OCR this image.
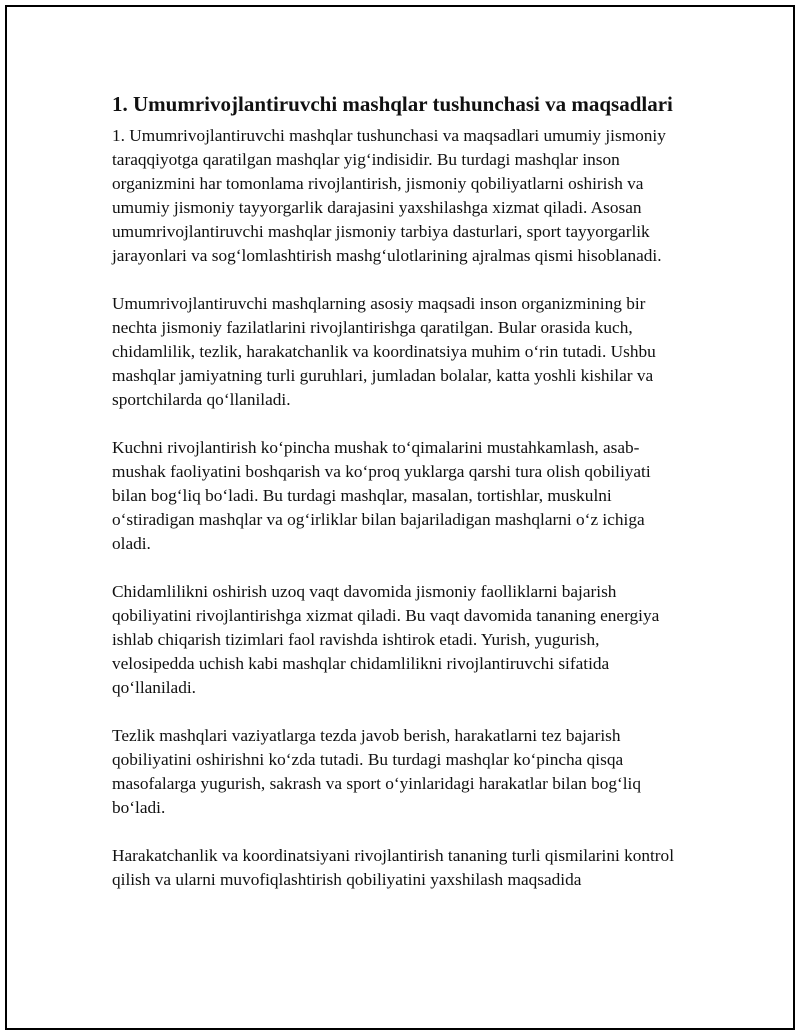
1. Umumrivojlantiruvchi mashqlar tushunchasi va maqsadlari

1. Umumrivojlantiruvchi mashqlar tushunchasi va maqsadlari umumiy jismoniy taraqqiyotga qaratilgan mashqlar yig‘indisidir. Bu turdagi mashqlar inson organizmini har tomonlama rivojlantirish, jismoniy qobiliyatlarni oshirish va umumiy jismoniy tayyorgarlik darajasini yaxshilashga xizmat qiladi. Asosan umumrivojlantiruvchi mashqlar jismoniy tarbiya dasturlari, sport tayyorgarlik jarayonlari va sog‘lomlashtirish mashg‘ulotlarining ajralmas qismi hisoblanadi.

Umumrivojlantiruvchi mashqlarning asosiy maqsadi inson organizmining bir nechta jismoniy fazilatlarini rivojlantirishga qaratilgan. Bular orasida kuch, chidamlilik, tezlik, harakatchanlik va koordinatsiya muhim o‘rin tutadi. Ushbu mashqlar jamiyatning turli guruhlari, jumladan bolalar, katta yoshli kishilar va sportchilarda qo‘llaniladi.

Kuchni rivojlantirish ko‘pincha mushak to‘qimalarini mustahkamlash, asab-mushak faoliyatini boshqarish va ko‘proq yuklarga qarshi tura olish qobiliyati bilan bog‘liq bo‘ladi. Bu turdagi mashqlar, masalan, tortishlar, muskulni o‘stiradigan mashqlar va og‘irliklar bilan bajariladigan mashqlarni o‘z ichiga oladi.

Chidamlilikni oshirish uzoq vaqt davomida jismoniy faolliklarni bajarish qobiliyatini rivojlantirishga xizmat qiladi. Bu vaqt davomida tananing energiya ishlab chiqarish tizimlari faol ravishda ishtirok etadi. Yurish, yugurish, velosipedda uchish kabi mashqlar chidamlilikni rivojlantiruvchi sifatida qo‘llaniladi.

Tezlik mashqlari vaziyatlarga tezda javob berish, harakatlarni tez bajarish qobiliyatini oshirishni ko‘zda tutadi. Bu turdagi mashqlar ko‘pincha qisqa masofalarga yugurish, sakrash va sport o‘yinlaridagi harakatlar bilan bog‘liq bo‘ladi.

Harakatchanlik va koordinatsiyani rivojlantirish tananing turli qismilarini kontrol qilish va ularni muvofiqlashtirish qobiliyatini yaxshilash maqsadida
